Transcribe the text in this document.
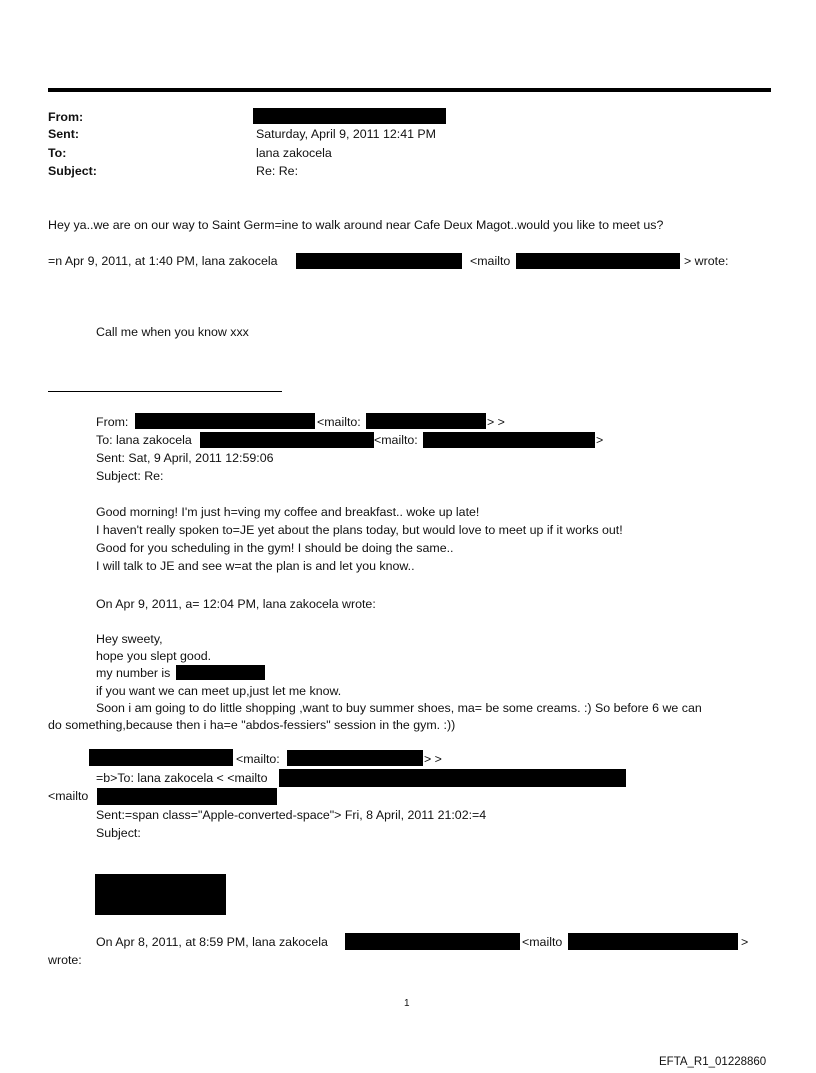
From:
Sent:	Saturday, April 9, 2011 12:41 PM
To:	lana zakocela
Subject:	Re: Re:
Hey ya..we are on our way to Saint Germ=ine to walk around near Cafe Deux Magot..would you like to meet us?
=n Apr 9, 2011, at 1:40 PM, lana zakocela	<mailto	> wrote:
Call me when you know xxx
From:	<mailto:	> >
To: lana zakocela	<mailto:	>
Sent: Sat, 9 April, 2011 12:59:06
Subject: Re:
Good morning! I'm just h=ving my coffee and breakfast.. woke up late!
I haven't really spoken to=JE yet about the plans today, but would love to meet up if it works out!
Good for you scheduling in the gym! I should be doing the same..
I will talk to JE and see w=at the plan is and let you know..
On Apr 9, 2011, a= 12:04 PM, lana zakocela wrote:
Hey sweety,
hope you slept good.
my number is
if you want we can meet up,just let me know.
Soon i am going to do little shopping ,want to buy summer shoes, ma= be some creams. :) So before 6 we can
do something,because then i ha=e "abdos-fessiers" session in the gym. :))
<mailto:	> >
=b>To: lana zakocela < <mailto
<mailto
Sent:=span class="Apple-converted-space"> Fri, 8 April, 2011 21:02:=4
Subject:
On Apr 8, 2011, at 8:59 PM, lana zakocela	<mailto	>
wrote:
1
EFTA_R1_01228860
